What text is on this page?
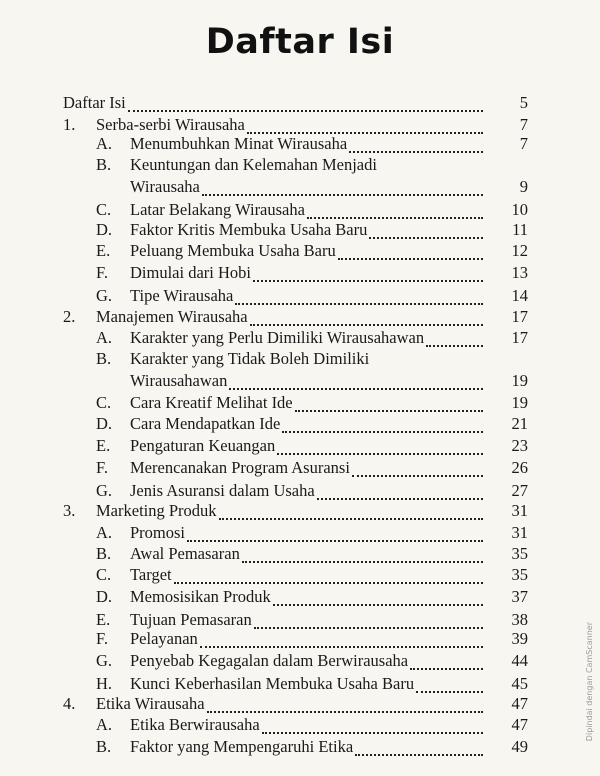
Daftar Isi
Daftar Isi	5
1. Serba-serbi Wirausaha	7
A. Menumbuhkan Minat Wirausaha	7
B. Keuntungan dan Kelemahan Menjadi
Wirausaha	9
C. Latar Belakang Wirausaha	10
D. Faktor Kritis Membuka Usaha Baru	11
E. Peluang Membuka Usaha Baru	12
F. Dimulai dari Hobi	13
G. Tipe Wirausaha	14
2. Manajemen Wirausaha	17
A. Karakter yang Perlu Dimiliki Wirausahawan	17
B. Karakter yang Tidak Boleh Dimiliki
Wirausahawan	19
C. Cara Kreatif Melihat Ide	19
D. Cara Mendapatkan Ide	21
E. Pengaturan Keuangan	23
F. Merencanakan Program Asuransi	26
G. Jenis Asuransi dalam Usaha	27
3. Marketing Produk	31
A. Promosi	31
B. Awal Pemasaran	35
C. Target	35
D. Memosisikan Produk	37
E. Tujuan Pemasaran	38
F. Pelayanan	39
G. Penyebab Kegagalan dalam Berwirausaha	44
H. Kunci Keberhasilan Membuka Usaha Baru	45
4. Etika Wirausaha	47
A. Etika Berwirausaha	47
B. Faktor yang Mempengaruhi Etika	49
Dipindai dengan CamScanner
